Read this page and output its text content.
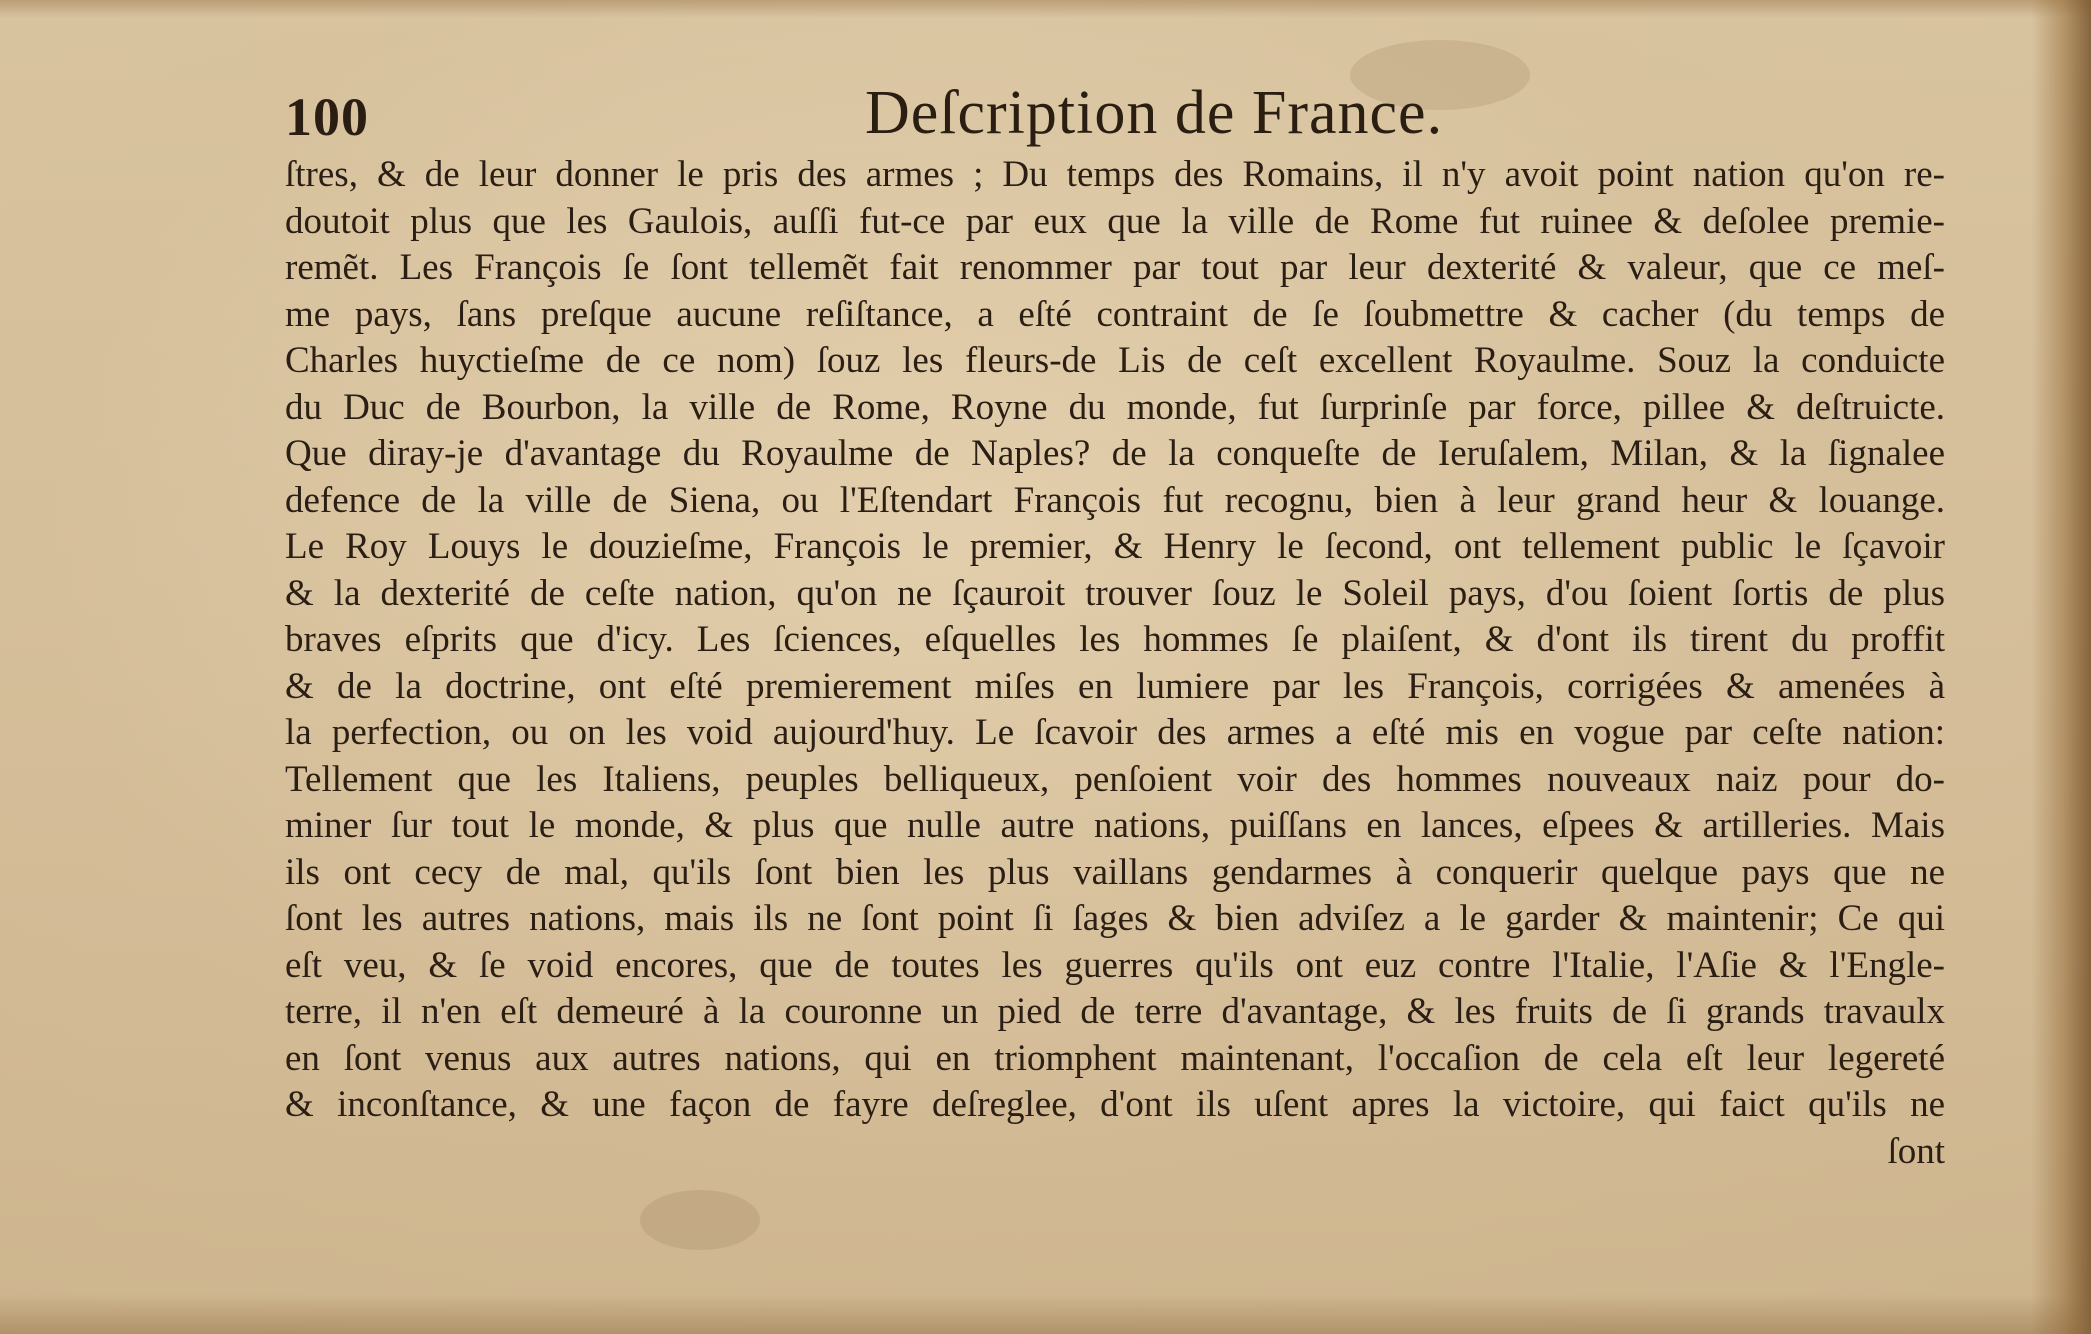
100	Deſcription de France.
ſtres, & de leur donner le pris des armes ; Du temps des Romains, il n'y avoit point nation qu'on re-
doutoit plus que les Gaulois, auſſi fut-ce par eux que la ville de Rome fut ruinee & deſolee premie-
remẽt. Les François ſe ſont tellemẽt fait renommer par tout par leur dexterité & valeur, que ce meſ-
me pays, ſans preſque aucune reſiſtance, a eſté contraint de ſe ſoubmettre & cacher (du temps de
Charles huyctieſme de ce nom) ſouz les fleurs-de Lis de ceſt excellent Royaulme. Souz la conduicte
du Duc de Bourbon, la ville de Rome, Royne du monde, fut ſurprinſe par force, pillee & deſtruicte.
Que diray-je d'avantage du Royaulme de Naples? de la conqueſte de Ieruſalem, Milan, & la ſignalee
defence de la ville de Siena, ou l'Eſtendart François fut recognu, bien à leur grand heur & louange.
Le Roy Louys le douzieſme, François le premier, & Henry le ſecond, ont tellement public le ſçavoir
& la dexterité de ceſte nation, qu'on ne ſçauroit trouver ſouz le Soleil pays, d'ou ſoient ſortis de plus
braves eſprits que d'icy. Les ſciences, eſquelles les hommes ſe plaiſent, & d'ont ils tirent du proffit
& de la doctrine, ont eſté premierement miſes en lumiere par les François, corrigées & amenées à
la perfection, ou on les void aujourd'huy. Le ſcavoir des armes a eſté mis en vogue par ceſte nation:
Tellement que les Italiens, peuples belliqueux, penſoient voir des hommes nouveaux naiz pour do-
miner ſur tout le monde, & plus que nulle autre nations, puiſſans en lances, eſpees & artilleries. Mais
ils ont cecy de mal, qu'ils ſont bien les plus vaillans gendarmes à conquerir quelque pays que ne
ſont les autres nations, mais ils ne ſont point ſi ſages & bien adviſez a le garder & maintenir; Ce qui
eſt veu, & ſe void encores, que de toutes les guerres qu'ils ont euz contre l'Italie, l'Aſie & l'Engle-
terre, il n'en eſt demeuré à la couronne un pied de terre d'avantage, & les fruits de ſi grands travaulx
en ſont venus aux autres nations, qui en triomphent maintenant, l'occaſion de cela eſt leur legereté
& inconſtance, & une façon de fayre deſreglee, d'ont ils uſent apres la victoire, qui faict qu'ils ne
ſont
